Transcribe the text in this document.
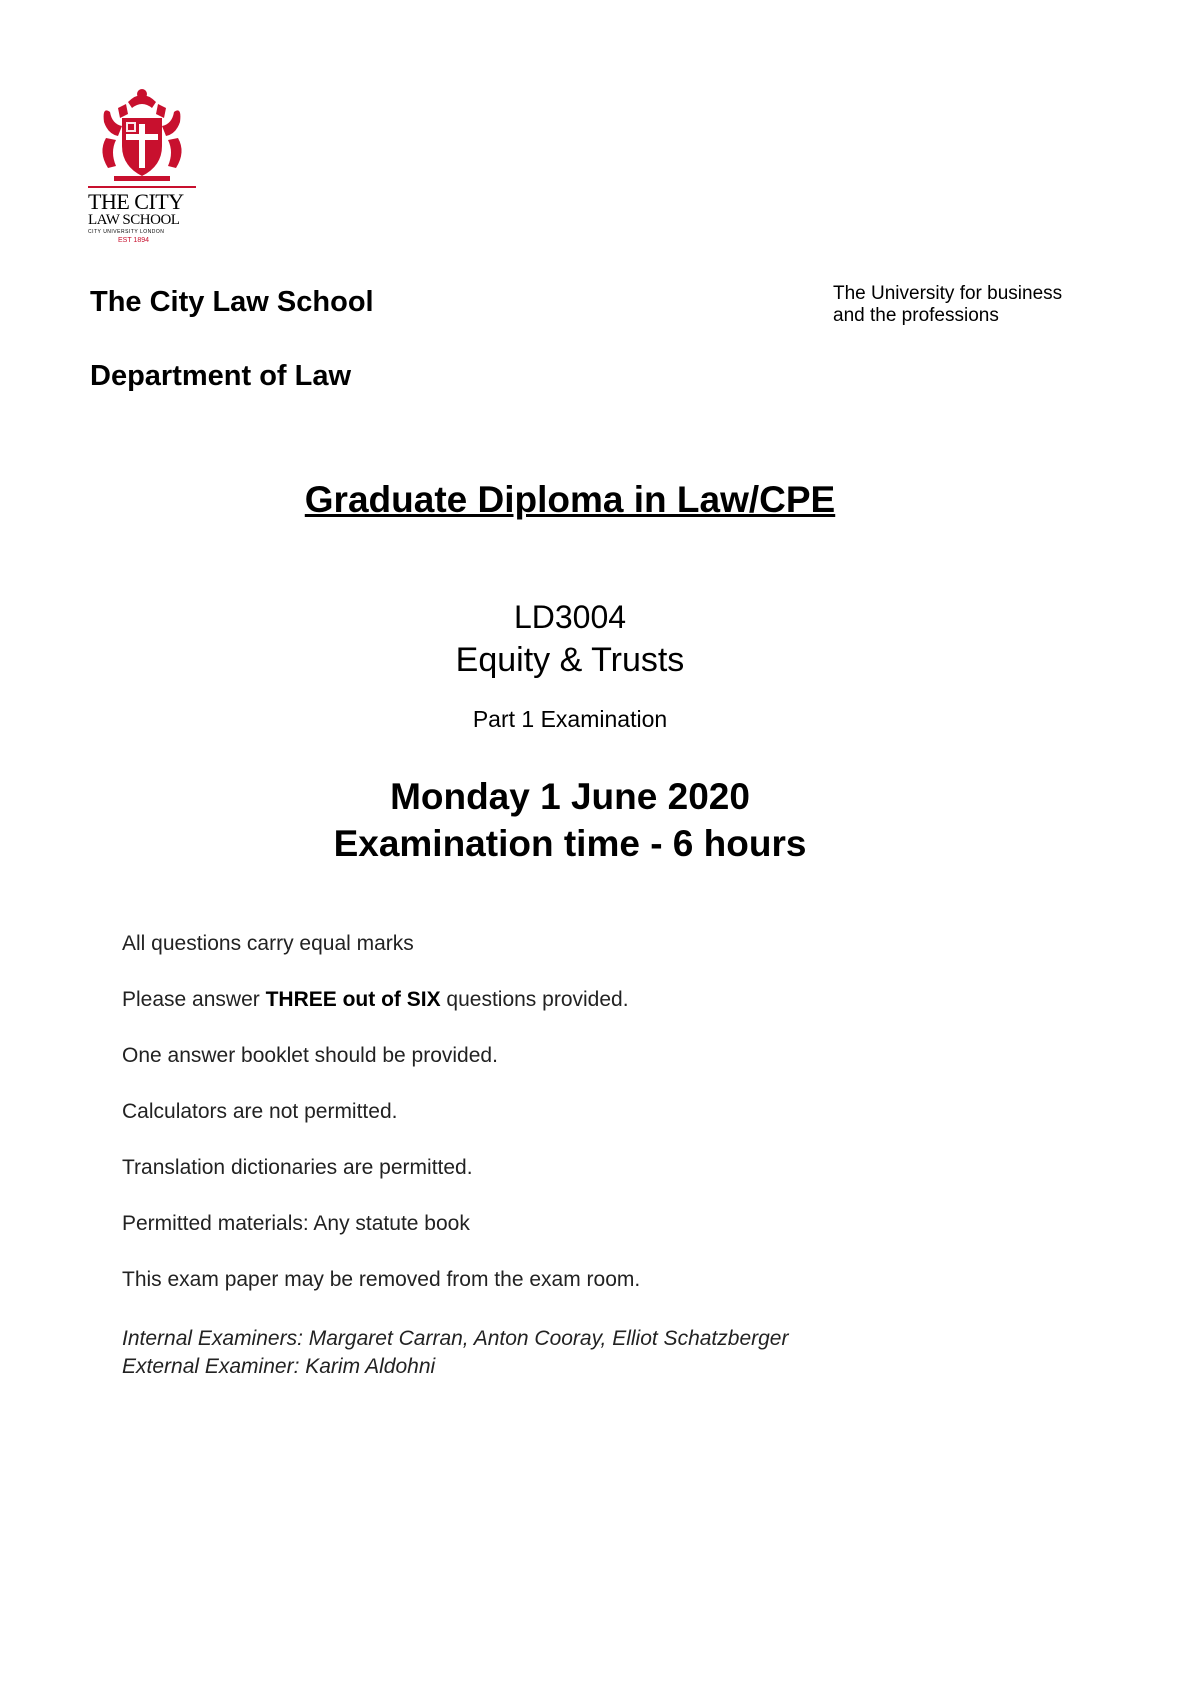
THE CITY
LAW SCHOOL
CITY UNIVERSITY LONDON
EST 1894

The City Law School

Department of Law

The University for business
and the professions
Graduate Diploma in Law/CPE
LD3004
Equity & Trusts
Part 1 Examination
Monday 1 June 2020
Examination time - 6 hours
All questions carry equal marks
Please answer THREE out of SIX questions provided.
One answer booklet should be provided.
Calculators are not permitted.
Translation dictionaries are permitted.
Permitted materials: Any statute book
This exam paper may be removed from the exam room.
Internal Examiners: Margaret Carran, Anton Cooray, Elliot Schatzberger
External Examiner: Karim Aldohni
